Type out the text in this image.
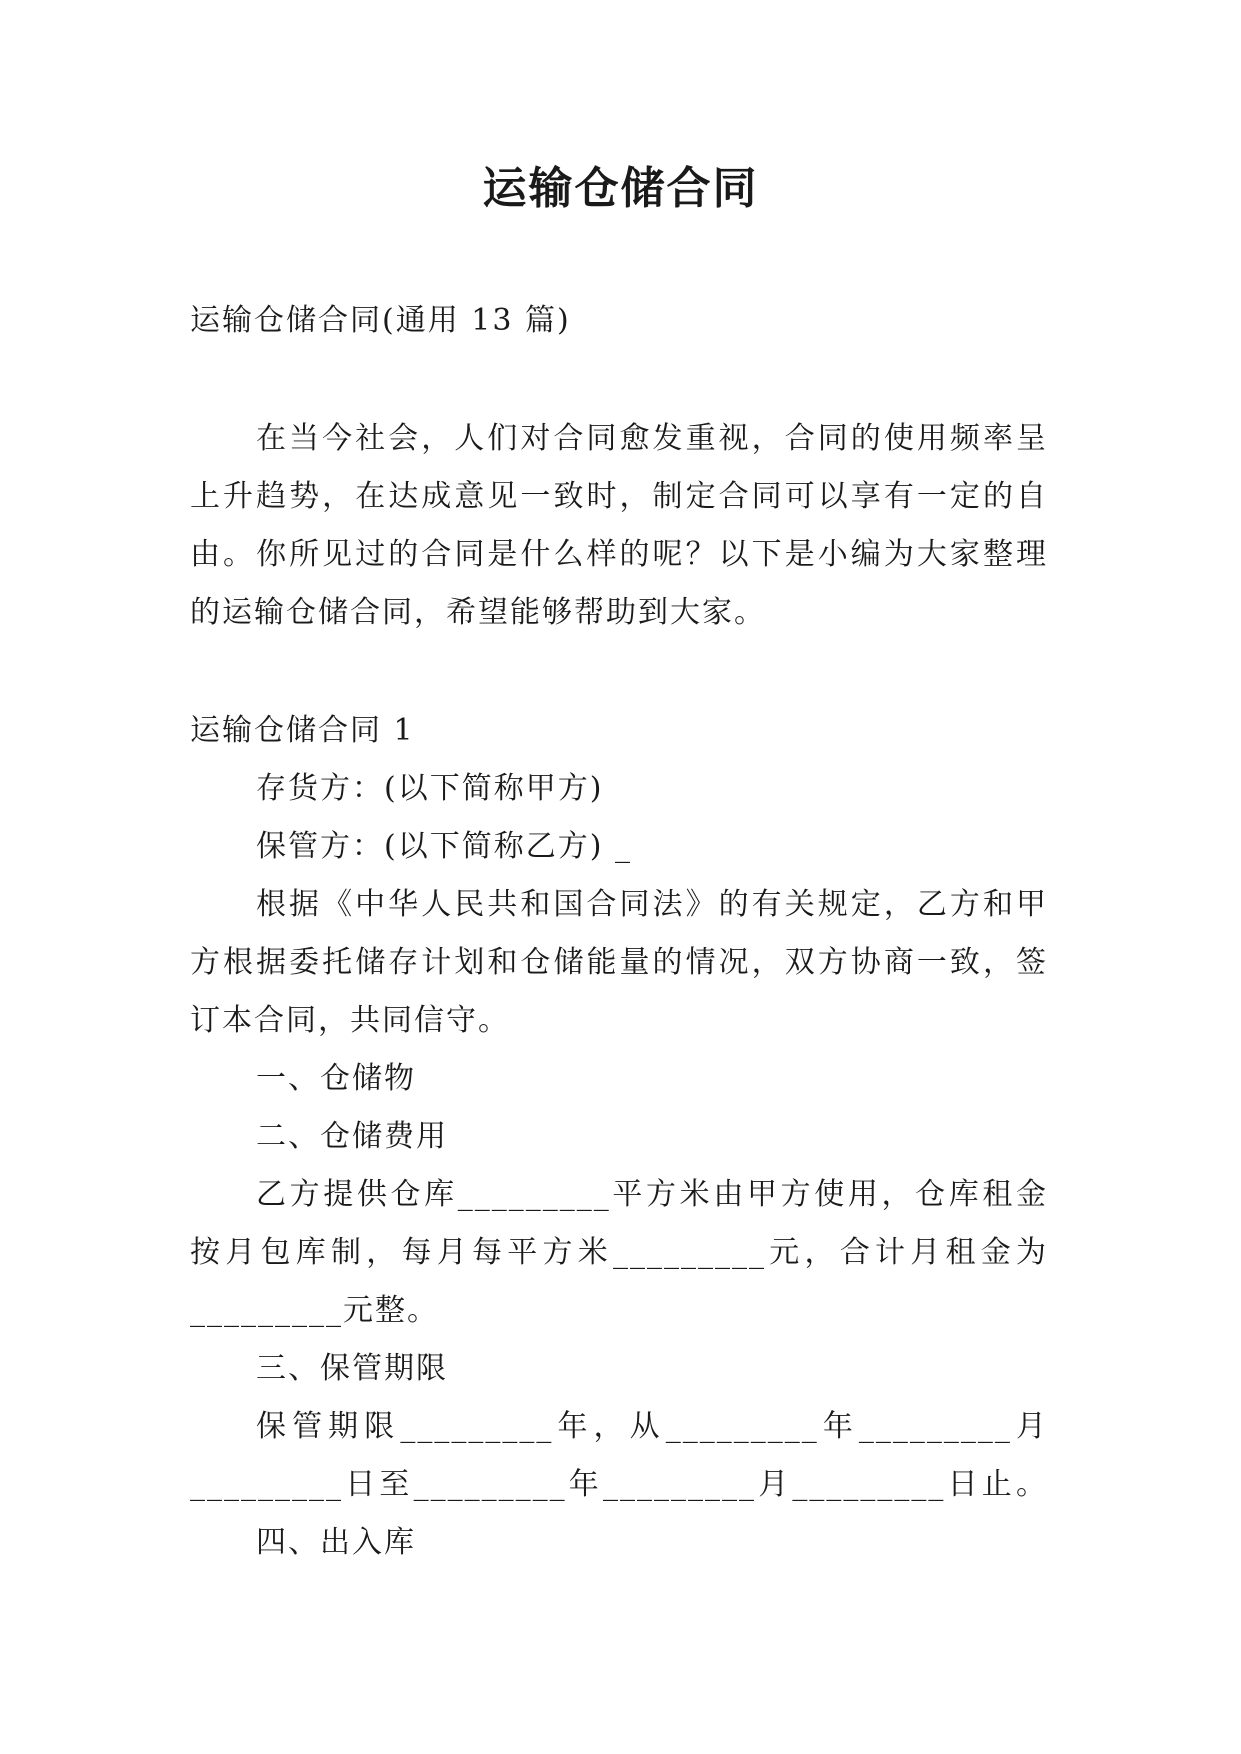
运输仓储合同
运输仓储合同(通用 13 篇)
在当今社会，人们对合同愈发重视，合同的使用频率呈
上升趋势，在达成意见一致时，制定合同可以享有一定的自
由。你所见过的合同是什么样的呢？以下是小编为大家整理
的运输仓储合同，希望能够帮助到大家。
运输仓储合同 1
存货方：(以下简称甲方)
保管方：(以下简称乙方) _
根据《中华人民共和国合同法》的有关规定，乙方和甲
方根据委托储存计划和仓储能量的情况，双方协商一致，签
订本合同，共同信守。
一、仓储物
二、仓储费用
乙方提供仓库_________平方米由甲方使用，仓库租金
按月包库制，每月每平方米_________元，合计月租金为
_________元整。
三、保管期限
保管期限_________年，从_________年_________月
_________日至_________年_________月_________日止。
四、出入库
